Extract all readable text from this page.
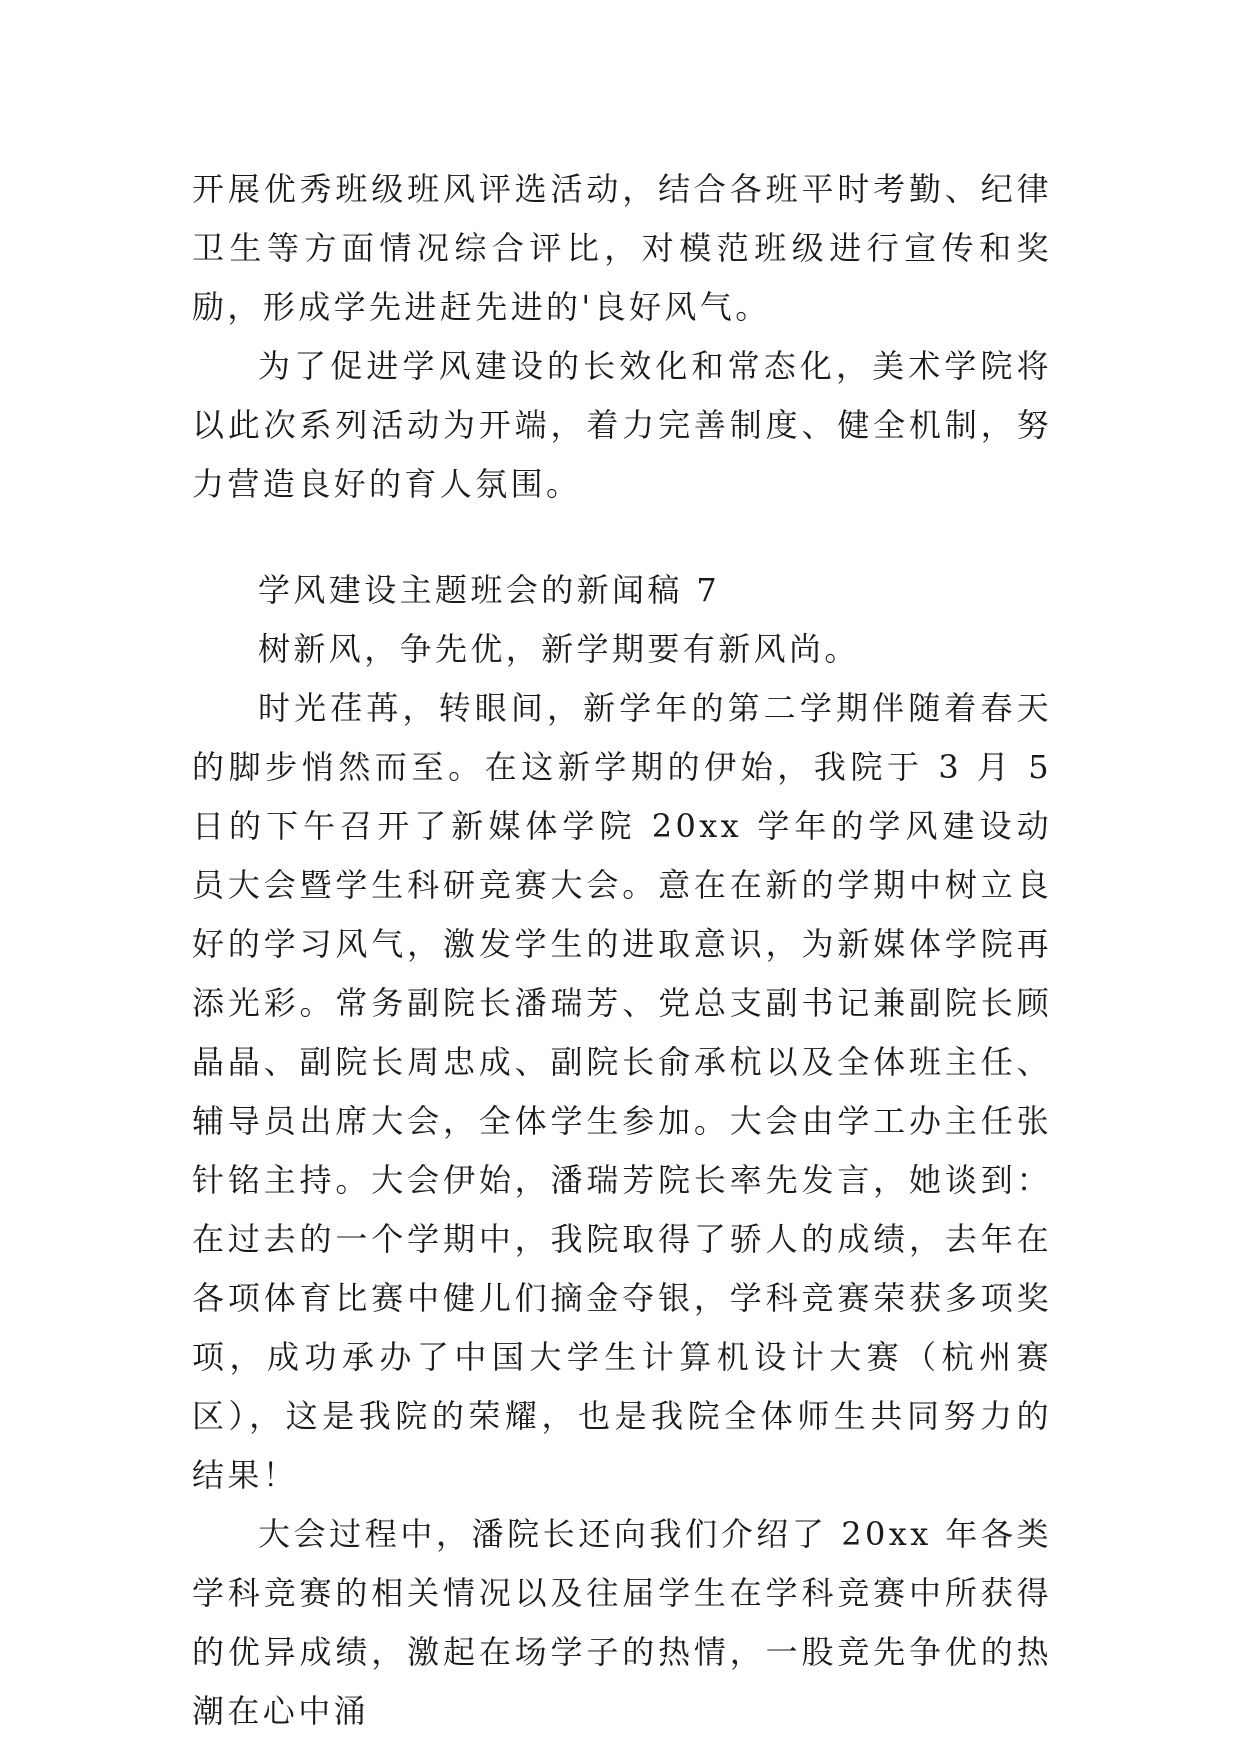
开展优秀班级班风评选活动，结合各班平时考勤、纪律卫生等方面情况综合评比，对模范班级进行宣传和奖励，形成学先进赶先进的'良好风气。

为了促进学风建设的长效化和常态化，美术学院将以此次系列活动为开端，着力完善制度、健全机制，努力营造良好的育人氛围。

学风建设主题班会的新闻稿 7

树新风，争先优，新学期要有新风尚。

时光荏苒，转眼间，新学年的第二学期伴随着春天的脚步悄然而至。在这新学期的伊始，我院于 3 月 5 日的下午召开了新媒体学院 20xx 学年的学风建设动员大会暨学生科研竞赛大会。意在在新的学期中树立良好的学习风气，激发学生的进取意识，为新媒体学院再添光彩。常务副院长潘瑞芳、党总支副书记兼副院长顾晶晶、副院长周忠成、副院长俞承杭以及全体班主任、辅导员出席大会，全体学生参加。大会由学工办主任张针铭主持。大会伊始，潘瑞芳院长率先发言，她谈到：在过去的一个学期中，我院取得了骄人的成绩，去年在各项体育比赛中健儿们摘金夺银，学科竞赛荣获多项奖项，成功承办了中国大学生计算机设计大赛（杭州赛区），这是我院的荣耀，也是我院全体师生共同努力的结果！

大会过程中，潘院长还向我们介绍了 20xx 年各类学科竞赛的相关情况以及往届学生在学科竞赛中所获得的优异成绩，激起在场学子的热情，一股竞先争优的热潮在心中涌
